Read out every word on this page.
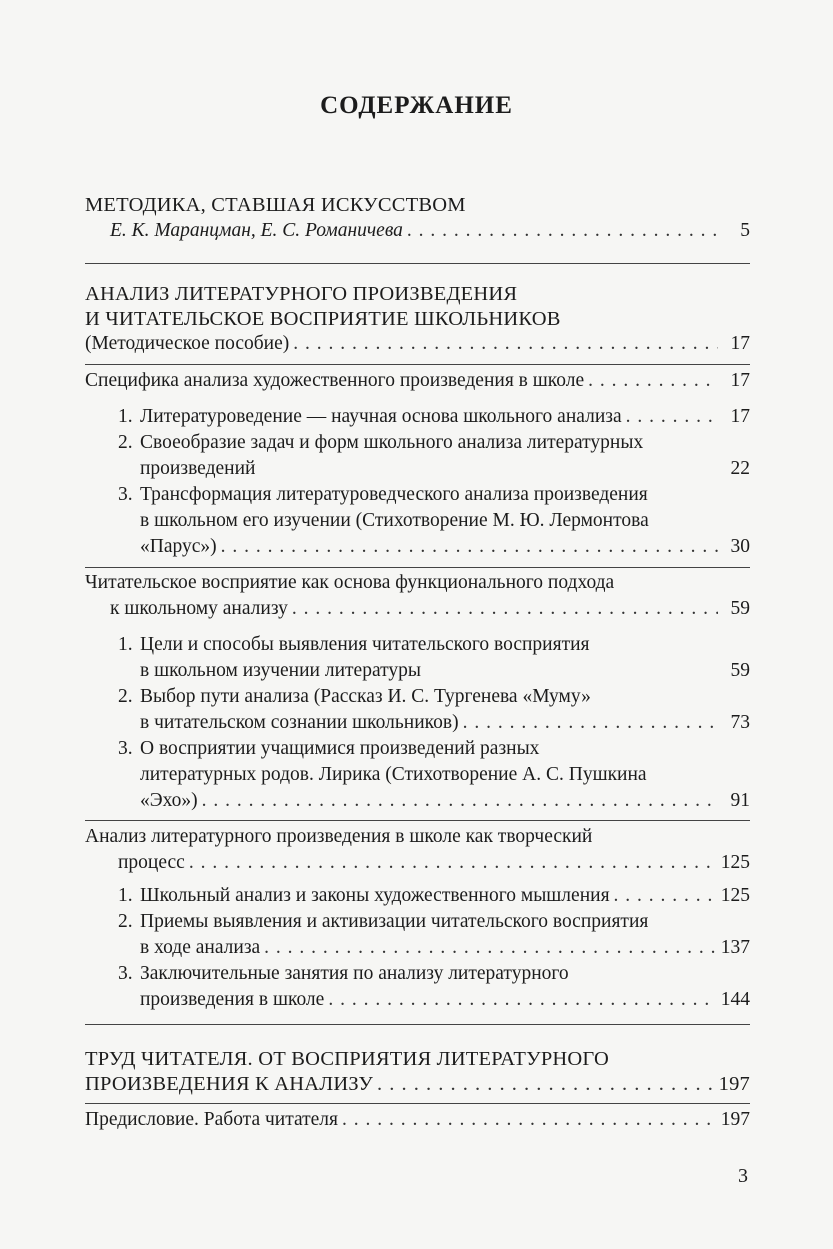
СОДЕРЖАНИЕ
МЕТОДИКА, СТАВШАЯ ИСКУССТВОМ
Е. К. Маранцман, Е. С. Романичева . . .	5
АНАЛИЗ ЛИТЕРАТУРНОГО ПРОИЗВЕДЕНИЯ
И ЧИТАТЕЛЬСКОЕ ВОСПРИЯТИЕ ШКОЛЬНИКОВ
(Методическое пособие) . . .	17
Специфика анализа художественного произведения в школе . . .	17
1. Литературоведение — научная основа школьного анализа . . .	17
2. Своеобразие задач и форм школьного анализа литературных
произведений	22
3. Трансформация литературоведческого анализа произведения
в школьном его изучении (Стихотворение М. Ю. Лермонтова
«Парус») . . .	30
Читательское восприятие как основа функционального подхода
к школьному анализу . . .	59
1. Цели и способы выявления читательского восприятия
в школьном изучении литературы	59
2. Выбор пути анализа (Рассказ И. С. Тургенева «Муму»
в читательском сознании школьников) . . .	73
3. О восприятии учащимися произведений разных
литературных родов. Лирика (Стихотворение А. С. Пушкина
«Эхо») . . .	91
Анализ литературного произведения в школе как творческий
процесс . . .	125
1. Школьный анализ и законы художественного мышления . . .	125
2. Приемы выявления и активизации читательского восприятия
в ходе анализа . . .	137
3. Заключительные занятия по анализу литературного
произведения в школе . . .	144
ТРУД ЧИТАТЕЛЯ. ОТ ВОСПРИЯТИЯ ЛИТЕРАТУРНОГО
ПРОИЗВЕДЕНИЯ К АНАЛИЗУ . . .	197
Предисловие. Работа читателя . . .	197
3
